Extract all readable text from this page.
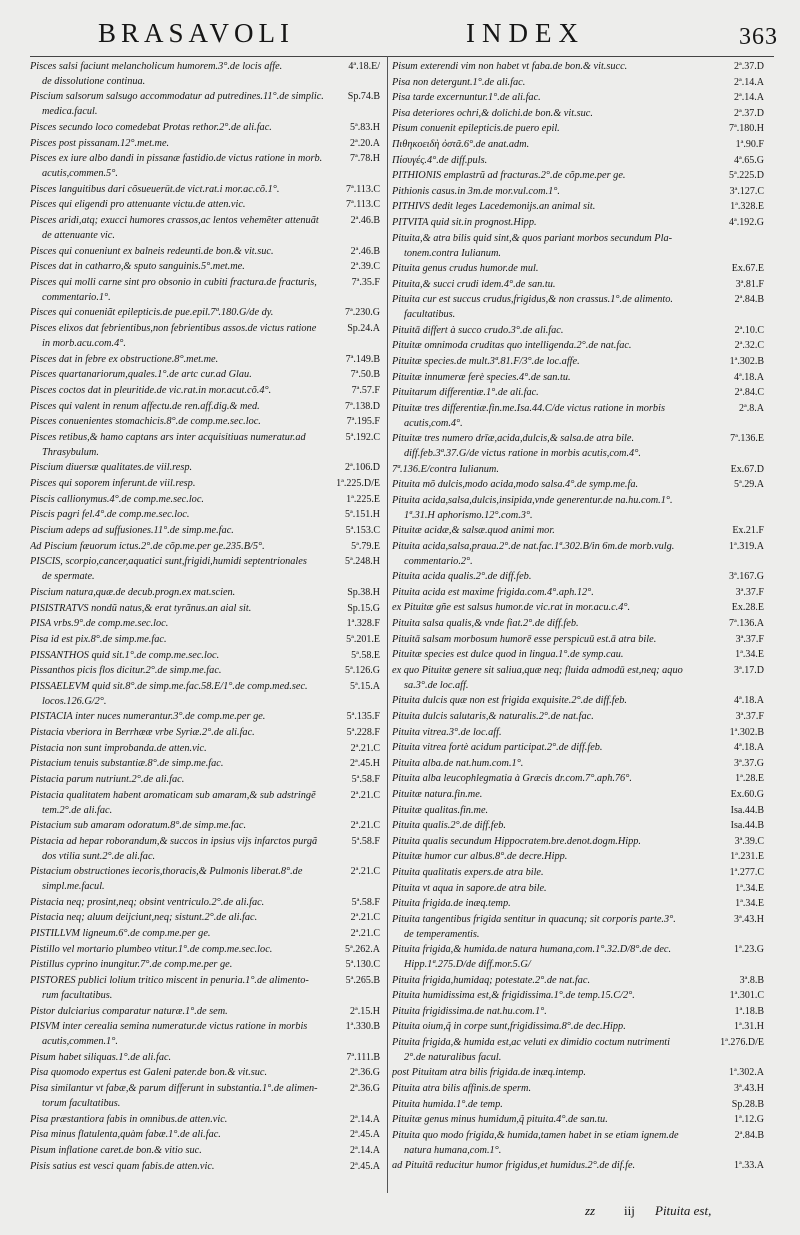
BRASAVOLI	INDEX	363
Pisces salsi faciunt melancholicum humorem.3°.de locis affe.	4ª.18.E/
de dissolutione continua.
Piscium salsorum salsugo accommodatur ad putredines.11°.de simplic.	Sp.74.B
medica.facul.
Pisces secundo loco comedebat Protas rethor.2°.de ali.fac.	5ª.83.H
Pisces post pissanam.12°.met.me.	2ª.20.A
Pisces ex iure albo dandi in pissanæ fastidio.de victus ratione in morb.	7ª.78.H
acutis,commen.5°.
Pisces languitibus dari cõsueuerüt.de vict.rat.i mor.ac.cõ.1°.	7ª.113.C
Pisces qui eligendi pro attenuante victu.de atten.vic.	7ª.113.C
Pisces aridi,atq; exucci humores crassos,ac lentos vehemẽter attenuãt	2ª.46.B
de attenuante vic.
Pisces qui conueniunt ex balneis redeunti.de bon.& vit.suc.	2ª.46.B
Pisces dat in catharro,& sputo sanguinis.5°.met.me.	2ª.39.C
Pisces qui molli carne sint pro obsonio in cubiti fractura.de fracturis,	7ª.35.F
commentario.1°.
Pisces qui conueniãt epilepticis.de pue.epil.7ª.180.G/de dy.	7ª.230.G
Pisces elixos dat febrientibus,non febrientibus assos.de victus ratione	Sp.24.A
in morb.acu.com.4°.
Pisces dat in febre ex obstructione.8°.met.me.	7ª.149.B
Pisces quartanariorum,quales.1°.de artc cur.ad Glau.	7ª.50.B
Pisces coctos dat in pleuritide.de vic.rat.in mor.acut.cõ.4°.	7ª.57.F
Pisces qui valent in renum affectu.de ren.aff.dig.& med.	7ª.138.D
Pisces conuenientes stomachicis.8°.de comp.me.sec.loc.	7ª.195.F
Pisces retibus,& hamo captans ars inter acquisitiuas numeratur.ad	5ª.192.C
Thrasybulum.
Piscium diuersæ qualitates.de viil.resp.	2ª.106.D
Pisces qui soporem inferunt.de viil.resp.	1ª.225.D/E
Piscis callionymus.4°.de comp.me.sec.loc.	1ª.225.E
Piscis pagri fel.4°.de comp.me.sec.loc.	5ª.151.H
Piscium adeps ad suffusiones.11°.de simp.me.fac.	5ª.153.C
Ad Piscium fæuorum ictus.2°.de cõp.me.per ge.235.B/5°.	5ª.79.E
PISCIS, scorpio,cancer,aquatici sunt,frigidi,humidi septentrionales	5ª.248.H
de spermate.
Piscium natura,quæ.de decub.progn.ex mat.scien.	Sp.38.H
PISISTRATVS nondũ natus,& erat tyrãnus.an aial sit.	Sp.15.G
PISA vrbs.9°.de comp.me.sec.loc.	1ª.328.F
Pisa id est pix.8°.de simp.me.fac.	5ª.201.E
PISSANTHOS quid sit.1°.de comp.me.sec.loc.	5ª.58.E
Pissanthos picis flos dicitur.2°.de simp.me.fac.	5ª.126.G
PISSAELEVM quid sit.8°.de simp.me.fac.58.E/1°.de comp.med.sec.	5ª.15.A
locos.126.G/2°.
PISTACIA inter nuces numerantur.3°.de comp.me.per ge.	5ª.135.F
Pistacia vberiora in Berrhææ vrbe Syriæ.2°.de ali.fac.	5ª.228.F
Pistacia non sunt improbanda.de atten.vic.	2ª.21.C
Pistacium tenuis substantiæ.8°.de simp.me.fac.	2ª.45.H
Pistacia parum nutriunt.2°.de ali.fac.	5ª.58.F
Pistacia qualitatem habent aromaticam sub amaram,& sub adstringẽ	2ª.21.C
tem.2°.de ali.fac.
Pistacium sub amaram odoratum.8°.de simp.me.fac.	2ª.21.C
Pistacia ad hepar roborandum,& succos in ipsius vijs infarctos purgã	5ª.58.F
dos vtilia sunt.2°.de ali.fac.
Pistacium obstructiones iecoris,thoracis,& Pulmonis liberat.8°.de	2ª.21.C
simpl.me.facul.
Pistacia neq; prosint,neq; obsint ventriculo.2°.de ali.fac.	5ª.58.F
Pistacia neq; aluum deijciunt,neq; sistunt.2°.de ali.fac.	2ª.21.C
PISTILLVM ligneum.6°.de comp.me.per ge.	2ª.21.C
Pistillo vel mortario plumbeo vtitur.1°.de comp.me.sec.loc.	5ª.262.A
Pistillus cyprino inungitur.7°.de comp.me.per ge.	5ª.130.C
PISTORES publici lolium tritico miscent in penuria.1°.de alimento-	5ª.265.B
rum facultatibus.
Pistor dulciarius comparatur naturæ.1°.de sem.	2ª.15.H
PISVM inter cerealia semina numeratur.de victus ratione in morbis	1ª.330.B
acutis,commen.1°.
Pisum habet siliquas.1°.de ali.fac.	7ª.111.B
Pisa quomodo expertus est Galeni pater.de bon.& vit.suc.	2ª.36.G
Pisa similantur vt fabæ,& parum differunt in substantia.1°.de alimen-	2ª.36.G
torum facultatibus.
Pisa præstantiora fabis in omnibus.de atten.vic.	2ª.14.A
Pisa minus flatulenta,quàm fabæ.1°.de ali.fac.	2ª.45.A
Pisum inflatione caret.de bon.& vitio suc.	2ª.14.A
Pisis satius est vesci quam fabis.de atten.vic.	2ª.45.A
Pisum exterendi vim non habet vt faba.de bon.& vit.succ.	2ª.37.D
Pisa non detergunt.1°.de ali.fac.	2ª.14.A
Pisa tarde excernuntur.1°.de ali.fac.	2ª.14.A
Pisa deteriores ochri,& dolichi.de bon.& vit.suc.	2ª.37.D
Pisum conuenit epilepticis.de puero epil.	7ª.180.H
Πιθηκοειδὴ ὀστᾶ.6°.de anat.adm.	1ª.90.F
Πίσυγές.4°.de diff.puls.	4ª.65.G
PITHIONIS emplastrũ ad fracturas.2°.de cõp.me.per ge.	5ª.225.D
Pithionis casus.in 3m.de mor.vul.com.1°.	3ª.127.C
PITHIVS dedit leges Lacedemonijs.an animal sit.	1ª.328.E
PITVITA quid sit.in prognost.Hipp.	4ª.192.G
Pituita,& atra bilis quid sint,& quos pariant morbos secundum Pla-
tonem.contra Iulianum.
Pituita genus crudus humor.de mul.	Ex.67.E
Pituita,& succi crudi idem.4°.de san.tu.	3ª.81.F
Pituita cur est succus crudus,frigidus,& non crassus.1°.de alimento.	2ª.84.B
facultatibus.
Pituitā differt à succo crudo.3°.de ali.fac.	2ª.10.C
Pituitæ omnimoda cruditas quo intelligenda.2°.de nat.fac.	2ª.32.C
Pituitæ species.de mult.3ª.81.F/3°.de loc.affe.	1ª.302.B
Pituitæ innumeræ ferè species.4°.de san.tu.	4ª.18.A
Pituitarum differentiæ.1°.de ali.fac.	2ª.84.C
Pituitæ tres differentiæ.fin.me.Isa.44.C/de victus ratione in morbis	2ª.8.A
acutis,com.4°.
Pituitæ tres numero drīæ,acida,dulcis,& salsa.de atra bile.	7ª.136.E
diff.feb.3ª.37.G/de victus ratione in morbis acutis,com.4°.
7ª.136.E/contra Iulianum.	Ex.67.D
Pituita mõ dulcis,modo acida,modo salsa.4°.de symp.me.fa.	5ª.29.A
Pituita acida,salsa,dulcis,insipida,vnde generentur.de na.hu.com.1°.
1ª.31.H aphorismo.12°.com.3°.
Pituitæ acidæ,& salsæ.quod animi mor.	Ex.21.F
Pituita acida,salsa,praua.2°.de nat.fac.1ª.302.B/in 6m.de morb.vulg.	1ª.319.A
commentario.2°.
Pituita acida qualis.2°.de diff.feb.	3ª.167.G
Pituita acida est maxime frigida.com.4°.aph.12°.	3ª.37.F
ex Pituitæ gñe est salsus humor.de vic.rat in mor.acu.c.4°.	Ex.28.E
Pituita salsa qualis,& vnde fiat.2°.de diff.feb.	7ª.136.A
Pituitā salsam morbosum humorē esse perspicuū est.ā atra bile.	3ª.37.F
Pituitæ species est dulce quod in lingua.1°.de symp.cau.	1ª.34.E
ex quo Pituitæ genere sit saliua,quæ neq; fluida admodū est,neq; aquo	3ª.17.D
sa.3°.de loc.aff.
Pituita dulcis quæ non est frigida exquisite.2°.de diff.feb.	4ª.18.A
Pituita dulcis salutaris,& naturalis.2°.de nat.fac.	3ª.37.F
Pituita vitrea.3°.de loc.aff.	1ª.302.B
Pituita vitrea fortè acidum participat.2°.de diff.feb.	4ª.18.A
Pituita alba.de nat.hum.com.1°.	3ª.37.G
Pituita alba leucophlegmatia à Græcis dr.com.7°.aph.76°.	1ª.28.E
Pituitæ natura.fin.me.	Ex.60.G
Pituitæ qualitas.fin.me.	Isa.44.B
Pituita qualis.2°.de diff.feb.	Isa.44.B
Pituita qualis secundum Hippocratem.bre.denot.dogm.Hipp.	3ª.39.C
Pituitæ humor cur albus.8°.de decre.Hipp.	1ª.231.E
Pituita qualitatis expers.de atra bile.	1ª.277.C
Pituita vt aqua in sapore.de atra bile.	1ª.34.E
Pituita frigida.de inæq.temp.	1ª.34.E
Pituita tangentibus frigida sentitur in quacunq; sit corporis parte.3°.	3ª.43.H
de temperamentis.
Pituita frigida,& humida.de natura humana,com.1°.32.D/8°.de dec.	1ª.23.G
Hipp.1ª.275.D/de diff.mor.5.G/
Pituita frigida,humidaq; potestate.2°.de nat.fac.	3ª.8.B
Pituita humidissima est,& frigidissima.1°.de temp.15.C/2°.	1ª.301.C
Pituita frigidissima.de nat.hu.com.1°.	1ª.18.B
Pituita oium,q̃ in corpe sunt,frigidissima.8°.de dec.Hipp.	1ª.31.H
Pituita frigida,& humida est,ac veluti ex dimidio coctum nutrimenti	1ª.276.D/E
2°.de naturalibus facul.
post Pituitam atra bilis frigida.de inæq.intemp.	1ª.302.A
Pituita atra bilis affinis.de sperm.	3ª.43.H
Pituita humida.1°.de temp.	Sp.28.B
Pituitæ genus minus humidum,q̃ pituita.4°.de san.tu.	1ª.12.G
Pituita quo modo frigida,& humida,tamen habet in se etiam ignem.de	2ª.84.B
natura humana,com.1°.
ad Pituitā reducitur humor frigidus,et humidus.2°.de dif.fe.	1ª.33.A
zz iij Pituita est,
